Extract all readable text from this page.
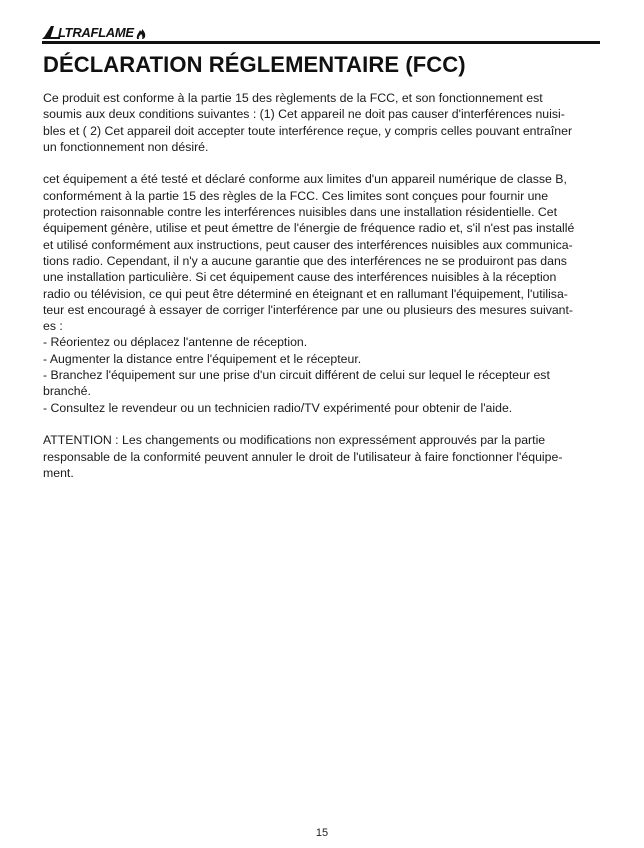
LTRAFLAME
DÉCLARATION RÉGLEMENTAIRE (FCC)

Ce produit est conforme à la partie 15 des règlements de la FCC, et son fonctionnement est
soumis aux deux conditions suivantes : (1) Cet appareil ne doit pas causer d'interférences nuisi-
bles et ( 2) Cet appareil doit accepter toute interférence reçue, y compris celles pouvant entraîner
un fonctionnement non désiré.

cet équipement a été testé et déclaré conforme aux limites d'un appareil numérique de classe B,
conformément à la partie 15 des règles de la FCC. Ces limites sont conçues pour fournir une
protection raisonnable contre les interférences nuisibles dans une installation résidentielle. Cet
équipement génère, utilise et peut émettre de l'énergie de fréquence radio et, s'il n'est pas installé
et utilisé conformément aux instructions, peut causer des interférences nuisibles aux communica-
tions radio. Cependant, il n'y a aucune garantie que des interférences ne se produiront pas dans
une installation particulière. Si cet équipement cause des interférences nuisibles à la réception
radio ou télévision, ce qui peut être déterminé en éteignant et en rallumant l'équipement, l'utilisa-
teur est encouragé à essayer de corriger l'interférence par une ou plusieurs des mesures suivant-
es :
- Réorientez ou déplacez l'antenne de réception.
- Augmenter la distance entre l'équipement et le récepteur.
- Branchez l'équipement sur une prise d'un circuit différent de celui sur lequel le récepteur est
branché.
- Consultez le revendeur ou un technicien radio/TV expérimenté pour obtenir de l'aide.

ATTENTION : Les changements ou modifications non expressément approuvés par la partie
responsable de la conformité peuvent annuler le droit de l'utilisateur à faire fonctionner l'équipe-
ment.

15
